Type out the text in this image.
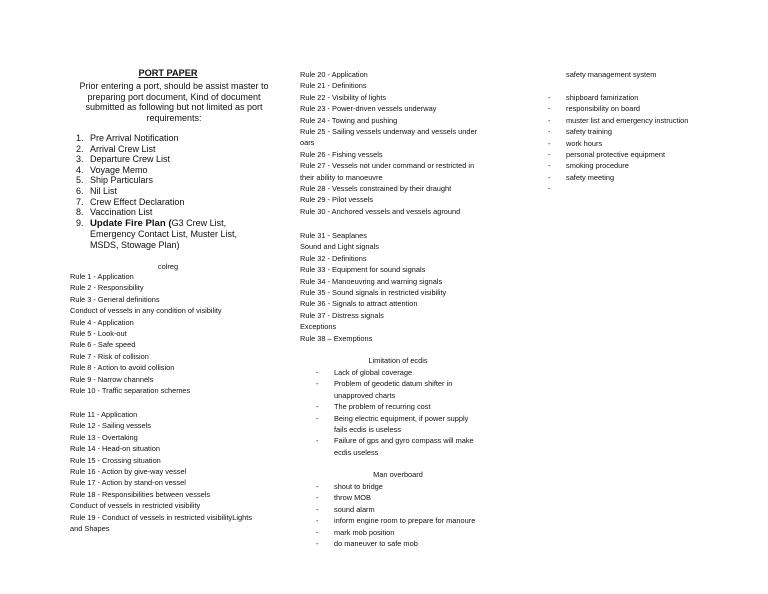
PORT PAPER
Prior entering a port, should be assist master to preparing port document, Kind of document submitted as following but not limited as port requirements:
1. Pre Arrival Notification
2. Arrival Crew List
3. Departure Crew List
4. Voyage Memo
5. Ship Particulars
6. Nil List
7. Crew Effect Declaration
8. Vaccination List
9. Update Fire Plan (G3 Crew List,
Emergency Contact List, Muster List,
MSDS, Stowage Plan)
colreg
Rule 1 - Application
Rule 2 - Responsibility
Rule 3 - General definitions
Conduct of vessels in any condition of visibility
Rule 4 - Application
Rule 5 - Look-out
Rule 6 - Safe speed
Rule 7 - Risk of collision
Rule 8 - Action to avoid collision
Rule 9 - Narrow channels
Rule 10 - Traffic separation schemes
Rule 11 - Application
Rule 12 - Sailing vessels
Rule 13 - Overtaking
Rule 14 - Head-on situation
Rule 15 - Crossing situation
Rule 16 - Action by give-way vessel
Rule 17 - Action by stand-on vessel
Rule 18 - Responsibilities between vessels
Conduct of vessels in restricted visibility
Rule 19 - Conduct of vessels in restricted visibilityLights
and Shapes
Rule 20 - Application
Rule 21 - Definitions
Rule 22 - Visibility of lights
Rule 23 - Power-driven vessels underway
Rule 24 - Towing and pushing
Rule 25 - Sailing vessels underway and vessels under
oars
Rule 26 - Fishing vessels
Rule 27 - Vessels not under command or restricted in
their ability to manoeuvre
Rule 28 - Vessels constrained by their draught
Rule 29 - Pilot vessels
Rule 30 - Anchored vessels and vessels aground
Rule 31 - Seaplanes
Sound and Light signals
Rule 32 - Definitions
Rule 33 - Equipment for sound signals
Rule 34 - Manoeuvring and warning signals
Rule 35 - Sound signals in restricted visibility
Rule 36 - Signals to attract attention
Rule 37 - Distress signals
Exceptions
Rule 38 – Exemptions
Limitation of ecdis
- Lack of global coverage
- Problem of geodetic datum shifter in
unapproved charts
- The problem of recurring cost
- Being electric equipment, if power supply
fails ecdis is useless
- Failure of gps and gyro compass will make
ecdis useless
Man overboard
- shout to bridge
- throw MOB
- sound alarm
- inform engine room to prepare for manoure
- mark mob position
- do maneuver to safe mob
safety management system
- shipboard famirization
- responsibility on board
- muster list and emergency instruction
- safety training
- work hours
- personal protective equipment
- smoking procedure
- safety meeting
-
